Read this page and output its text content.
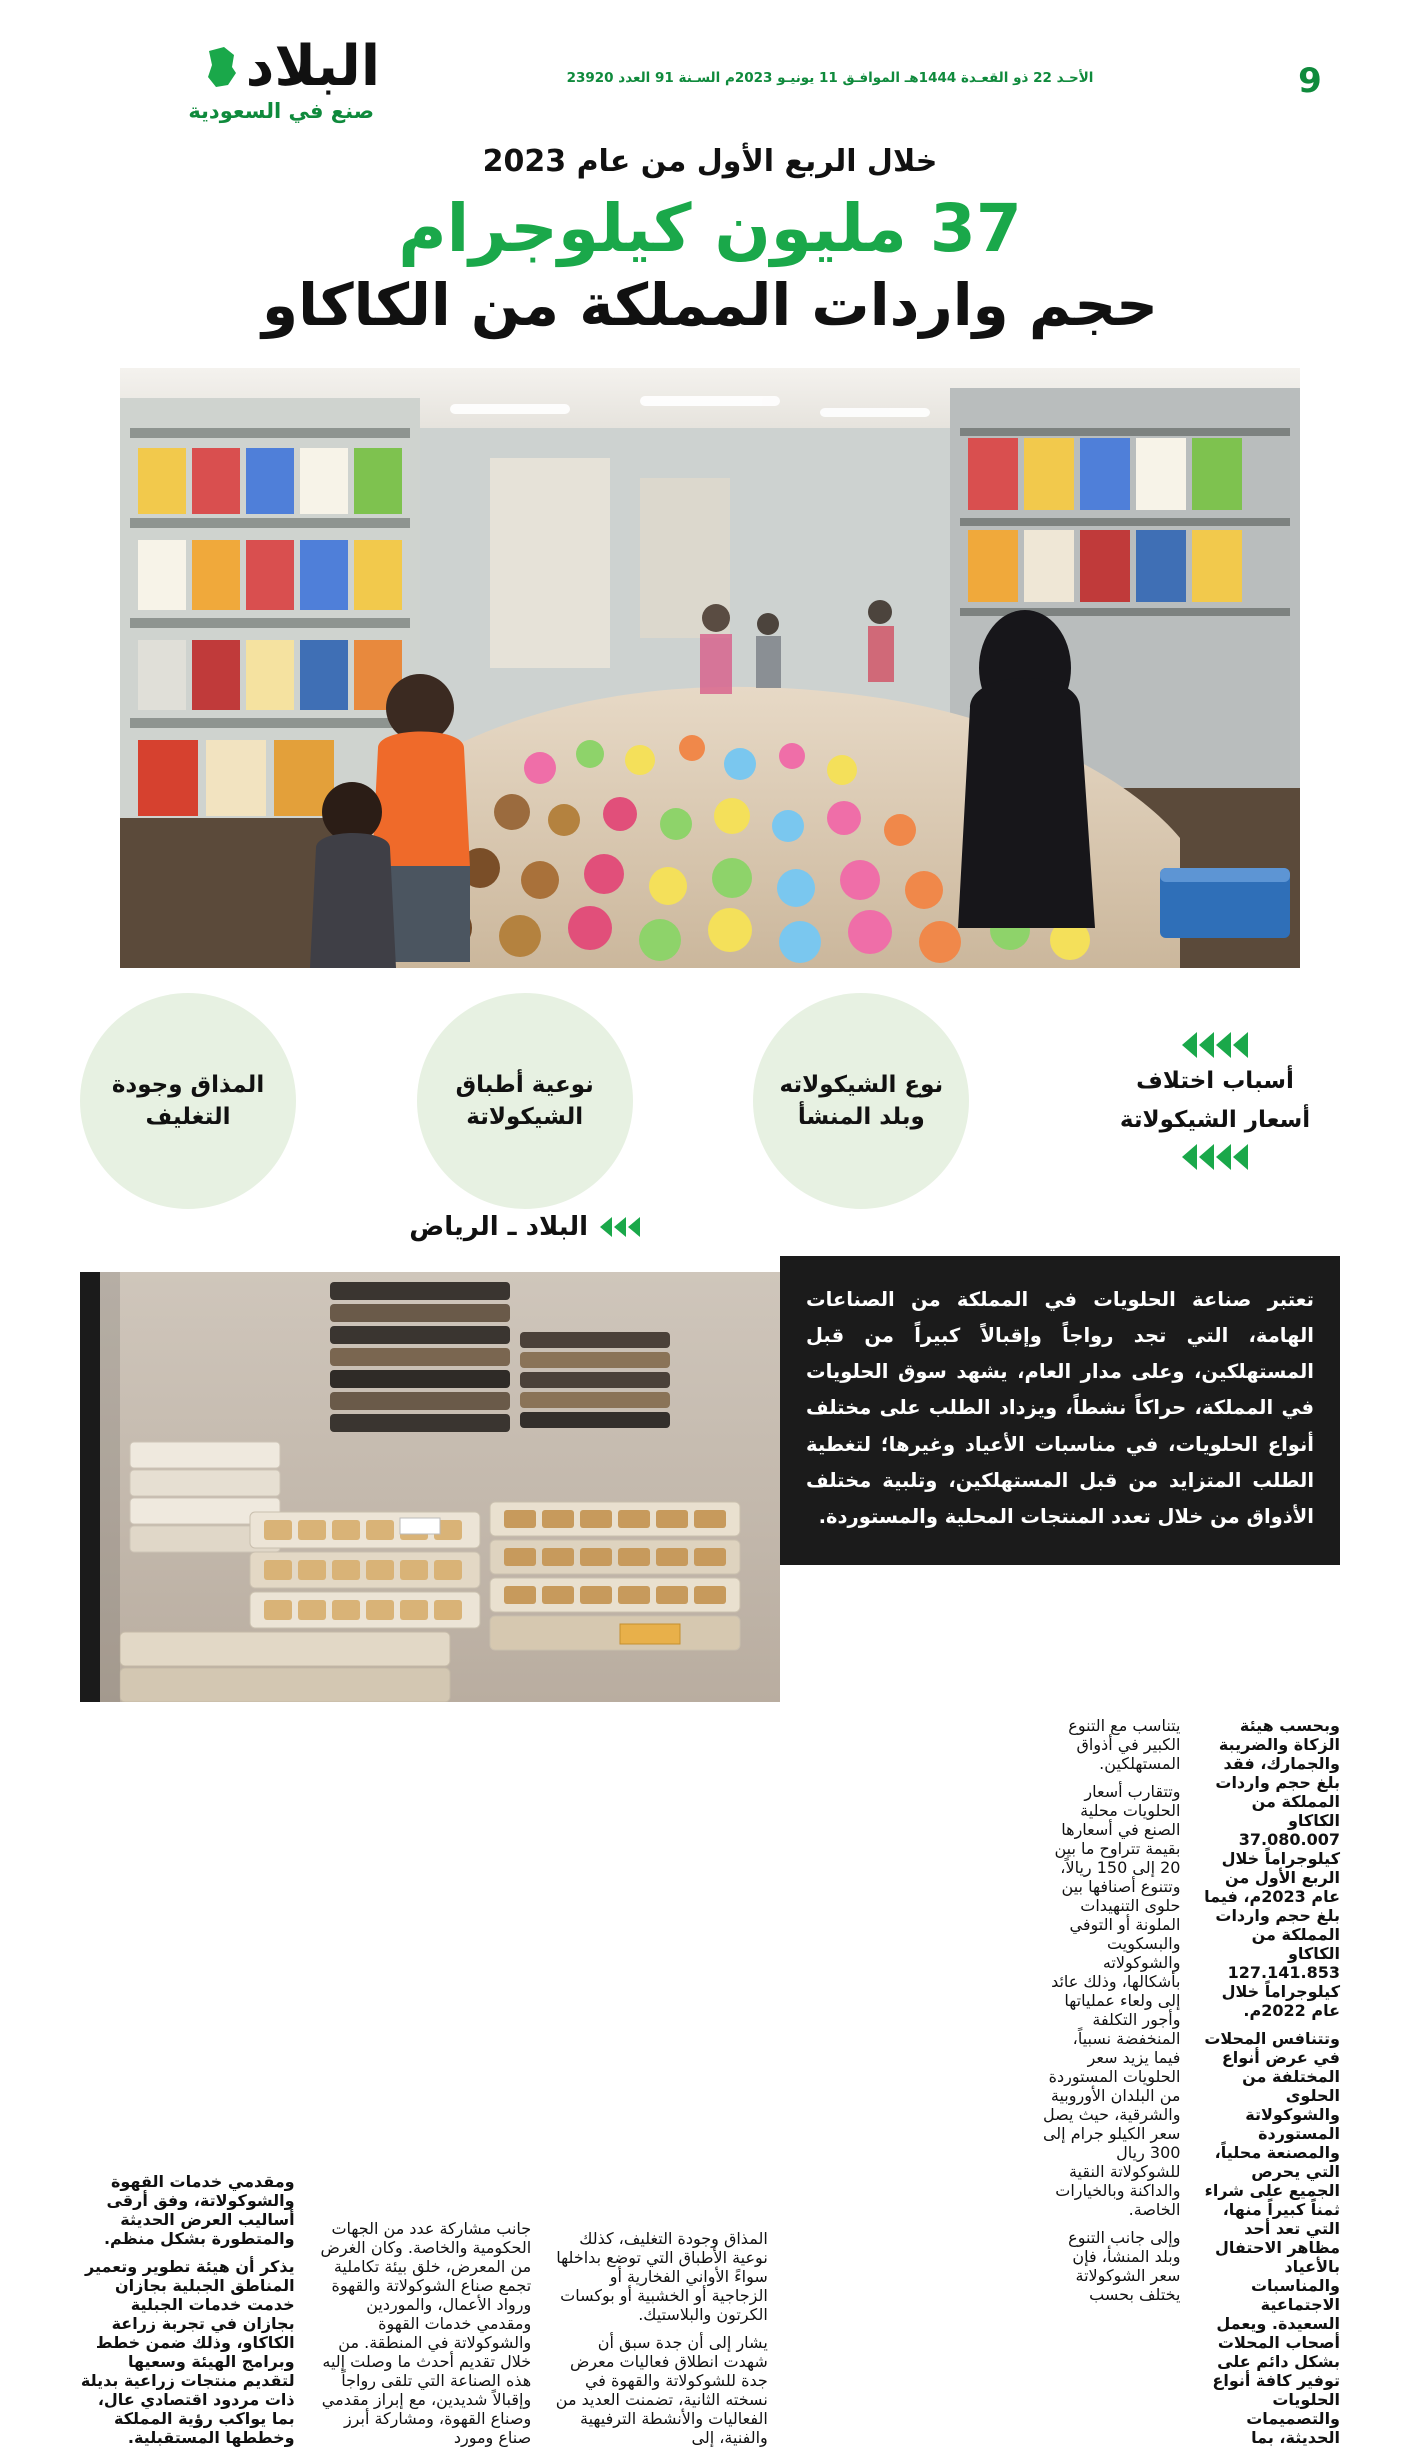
9
الأحـد 22 ذو القعـدة 1444هـ الموافـق 11 يونيـو 2023م السـنة 91 العدد 23920
البلاد
صنع في السعودية
خلال الربع الأول من عام 2023
37 مليون كيلوجرام
حجم واردات المملكة من الكاكاو
أسباب اختلاف
أسعار الشيكولاتة
نوع الشيكولاته وبلد المنشأ
نوعية أطباق الشيكولاتة
المذاق وجودة التغليف
البلاد ـ الرياض
تعتبر صناعة الحلويات في المملكة من الصناعات الهامة، التي تجد رواجاً وإقبالاً كبيراً من قبل المستهلكين، وعلى مدار العام، يشهد سوق الحلويات في المملكة، حراكاً نشطاً، ويزداد الطلب على مختلف أنواع الحلويات، في مناسبات الأعياد وغيرها؛ لتغطية الطلب المتزايد من قبل المستهلكين، وتلبية مختلف الأذواق من خلال تعدد المنتجات المحلية والمستوردة.

وبحسب هيئة الزكاة والضريبة والجمارك، فقد بلغ حجم واردات المملكة من الكاكاو 37.080.007 كيلوجراماً خلال الربع الأول من عام 2023م، فيما بلغ حجم واردات المملكة من الكاكاو 127.141.853 كيلوجراماً خلال عام 2022م.

وتتنافس المحلات في عرض أنواع المختلفة من الحلوى والشوكولاتة المستوردة والمصنعة محلياً، التي يحرص الجميع على شراء ثمناً كبيراً منها، التي تعد أحد مظاهر الاحتفال بالأعياد والمناسبات الاجتماعية السعيدة. ويعمل أصحاب المحلات بشكل دائم على توفير كافة أنواع الحلويات والتصميمات الحديثة، بما

يتناسب مع التنوع الكبير في أذواق المستهلكين.

وتتقارب أسعار الحلويات محلية الصنع في أسعارها بقيمة تتراوح ما بين 20 إلى 150 ريالاً، وتتنوع أصنافها بين حلوى التنهيدات الملونة أو التوفي والبسكويت والشوكولاته بأشكالها، وذلك عائد إلى ولعاء عملياتها وأجور التكلفة المنخفضة نسبياً، فيما يزيد سعر الحلويات المستوردة من البلدان الأوروبية والشرقية، حيث يصل سعر الكيلو جرام إلى 300 ريال للشوكولاتة النقية والداكنة وبالخيارات الخاصة.

وإلى جانب التنوع وبلد المنشأ، فإن سعر الشوكولاتة يختلف بحسب

المذاق وجودة التغليف، كذلك نوعية الأطباق التي توضع بداخلها سواءً الأواني الفخارية أو الزجاجية أو الخشبية أو بوكسات الكرتون والبلاستيك.

يشار إلى أن جدة سبق أن شهدت انطلاق فعاليات معرض جدة للشوكولاتة والقهوة في نسخته الثانية، تضمنت العديد من الفعاليات والأنشطة الترفيهية والفنية، إلى

جانب مشاركة عدد من الجهات الحكومية والخاصة. وكان الغرض من المعرض، خلق بيئة تكاملية تجمع صناع الشوكولاتة والقهوة ورواد الأعمال، والموردين ومقدمي خدمات القهوة والشوكولاتة في المنطقة. من خلال تقديم أحدث ما وصلت إليه هذه الصناعة التي تلقى رواجاً وإقبالاً شديدين، مع إبراز مقدمي وصناع القهوة، ومشاركة أبرز صناع ومورد

ومقدمي خدمات القهوة والشوكولاتة، وفق أرقى أساليب العرض الحديثة والمتطورة بشكل منظم.

يذكر أن هيئة تطوير وتعمير المناطق الجبلية بجازان خدمت خدمات الجبلية بجازان في تجربة زراعة الكاكاو، وذلك ضمن خطط وبرامج الهيئة وسعيها لتقديم منتجات زراعية بديلة ذات مردود اقتصادي عال، بما يواكب رؤية المملكة وخططها المستقبلية.
